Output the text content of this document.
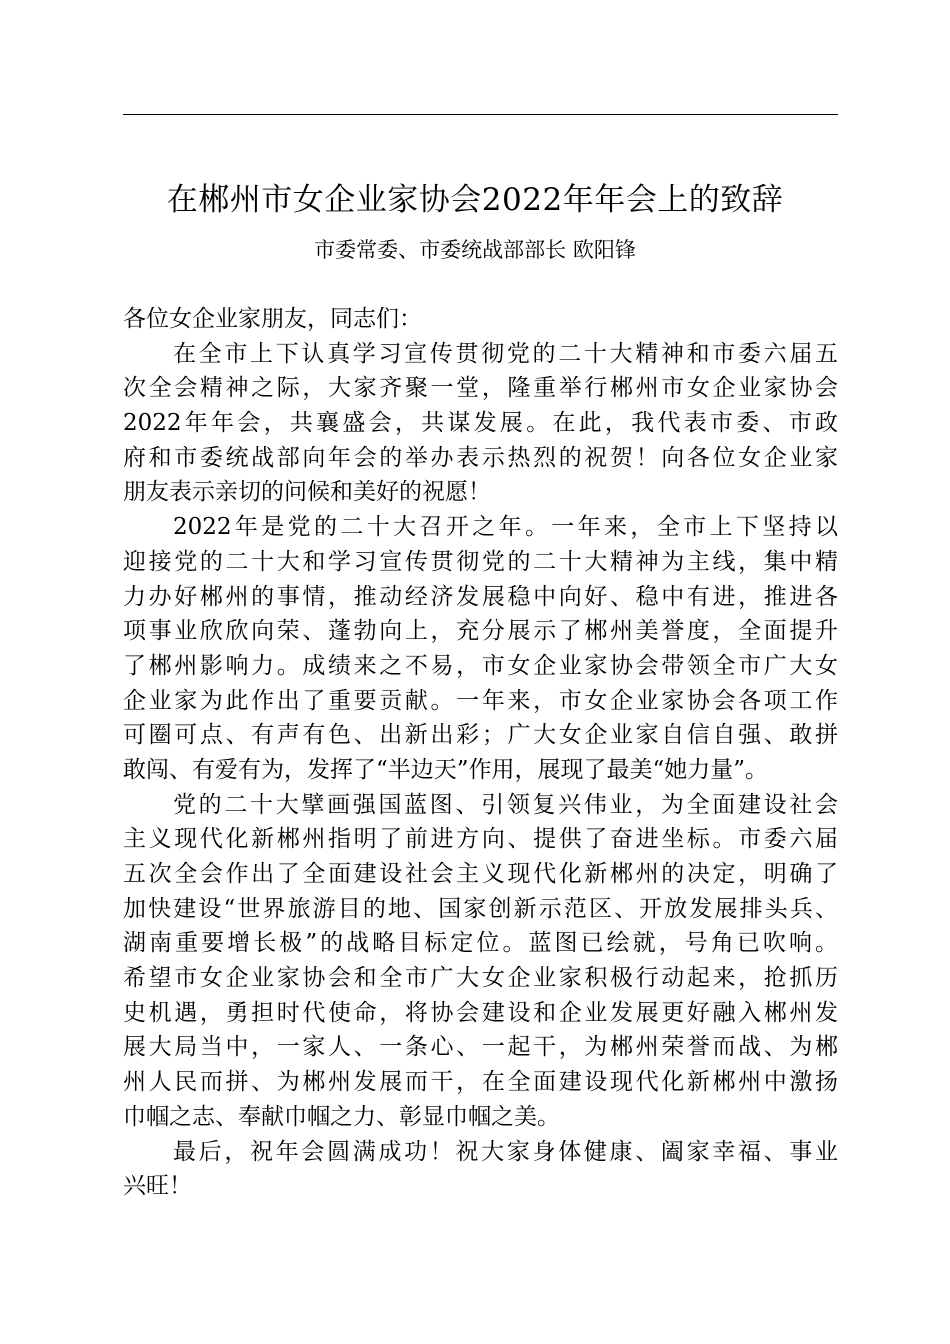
在郴州市女企业家协会2022年年会上的致辞
市委常委、市委统战部部长 欧阳锋
各位女企业家朋友，同志们：
在全市上下认真学习宣传贯彻党的二十大精神和市委六届五
次全会精神之际，大家齐聚一堂，隆重举行郴州市女企业家协会
2022年年会，共襄盛会，共谋发展。在此，我代表市委、市政
府和市委统战部向年会的举办表示热烈的祝贺！向各位女企业家
朋友表示亲切的问候和美好的祝愿！
2022年是党的二十大召开之年。一年来，全市上下坚持以
迎接党的二十大和学习宣传贯彻党的二十大精神为主线，集中精
力办好郴州的事情，推动经济发展稳中向好、稳中有进，推进各
项事业欣欣向荣、蓬勃向上，充分展示了郴州美誉度，全面提升
了郴州影响力。成绩来之不易，市女企业家协会带领全市广大女
企业家为此作出了重要贡献。一年来，市女企业家协会各项工作
可圈可点、有声有色、出新出彩；广大女企业家自信自强、敢拼
敢闯、有爱有为，发挥了“半边天”作用，展现了最美“她力量”。
党的二十大擘画强国蓝图、引领复兴伟业，为全面建设社会
主义现代化新郴州指明了前进方向、提供了奋进坐标。市委六届
五次全会作出了全面建设社会主义现代化新郴州的决定，明确了
加快建设“世界旅游目的地、国家创新示范区、开放发展排头兵、
湖南重要增长极”的战略目标定位。蓝图已绘就，号角已吹响。
希望市女企业家协会和全市广大女企业家积极行动起来，抢抓历
史机遇，勇担时代使命，将协会建设和企业发展更好融入郴州发
展大局当中，一家人、一条心、一起干，为郴州荣誉而战、为郴
州人民而拼、为郴州发展而干，在全面建设现代化新郴州中激扬
巾帼之志、奉献巾帼之力、彰显巾帼之美。
最后，祝年会圆满成功！祝大家身体健康、阖家幸福、事业
兴旺！
